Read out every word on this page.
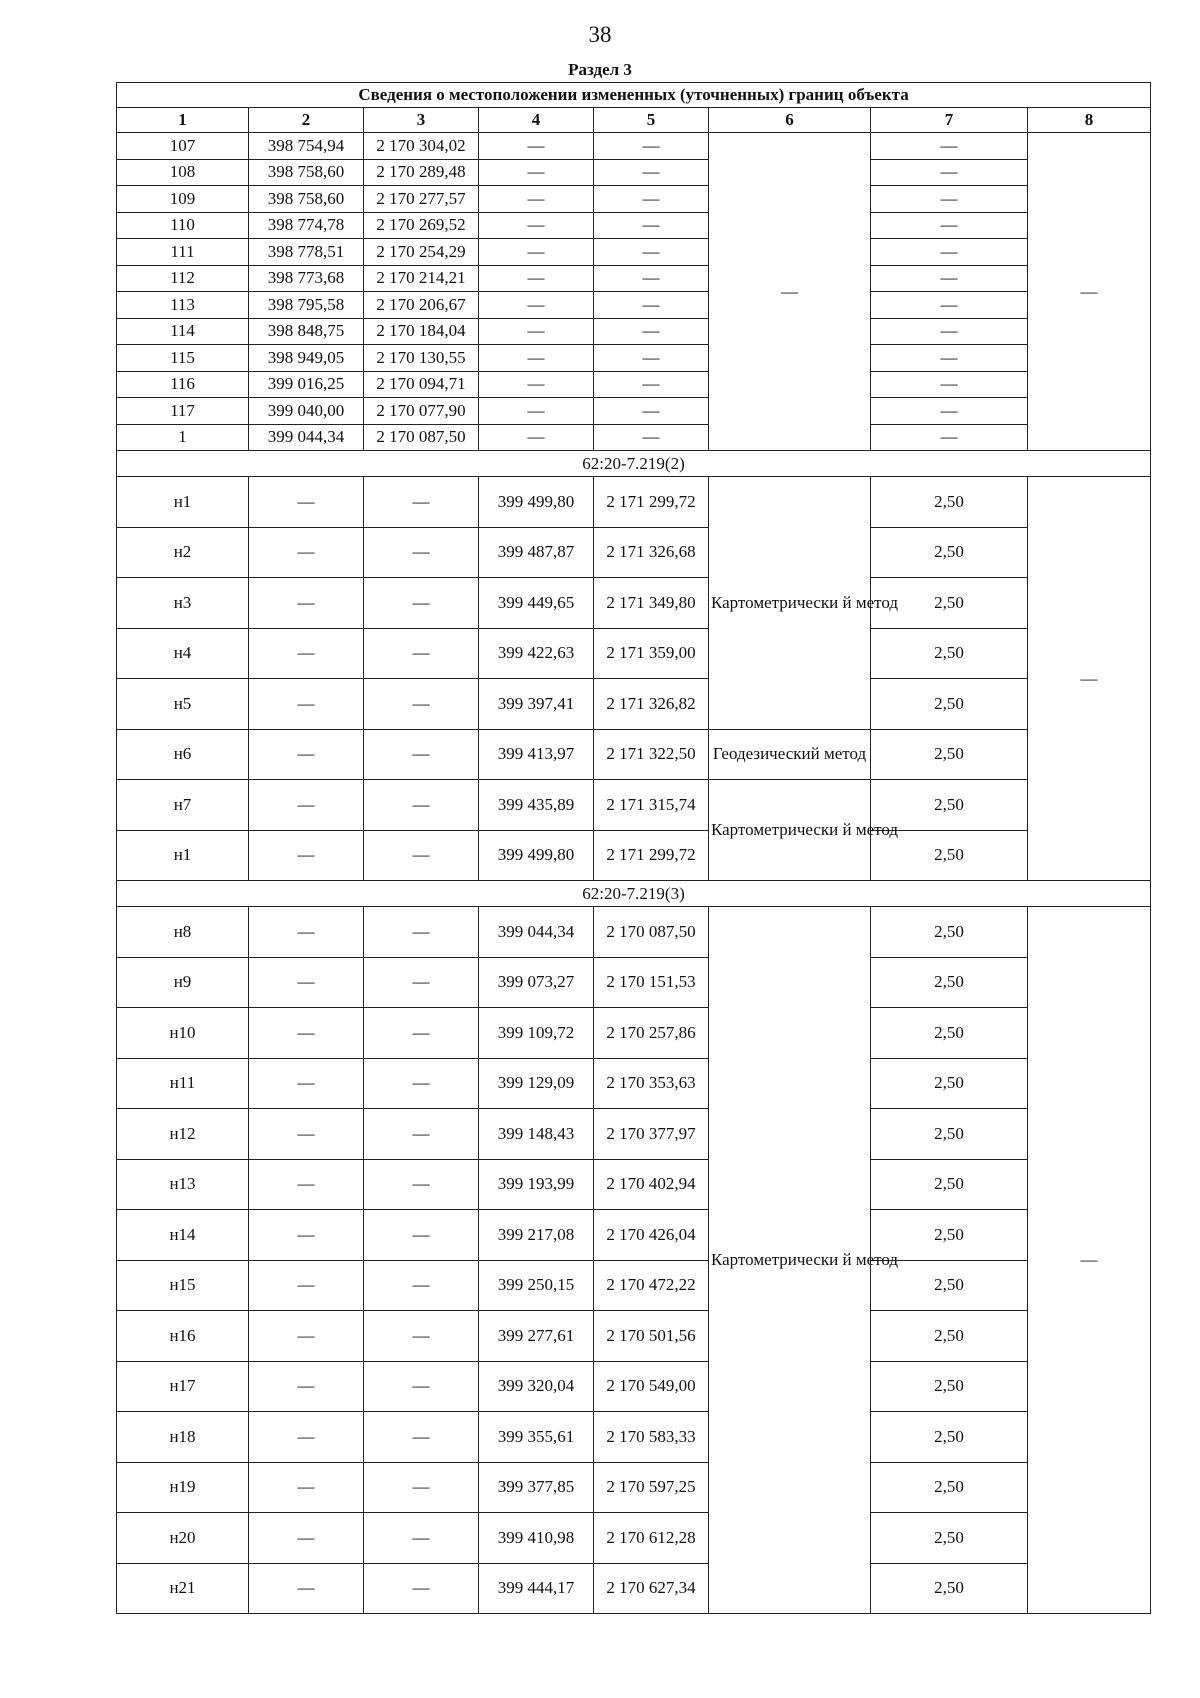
38
Раздел 3
Сведения о местоположении измененных (уточненных) границ объекта							
1	2	3	4	5	6	7	8
107	398 754,94	2 170 304,02	—	—	—	—	—
108	398 758,60	2 170 289,48	—	—		—	
109	398 758,60	2 170 277,57	—	—		—	
110	398 774,78	2 170 269,52	—	—		—	
111	398 778,51	2 170 254,29	—	—		—	
112	398 773,68	2 170 214,21	—	—		—	
113	398 795,58	2 170 206,67	—	—		—	
114	398 848,75	2 170 184,04	—	—		—	
115	398 949,05	2 170 130,55	—	—		—	
116	399 016,25	2 170 094,71	—	—		—	
117	399 040,00	2 170 077,90	—	—		—	
1	399 044,34	2 170 087,50	—	—		—	
62:20-7.219(2)							
н1	—	—	399 499,80	2 171 299,72	Картометрически й метод	2,50	—
н2	—	—	399 487,87	2 171 326,68		2,50	
н3	—	—	399 449,65	2 171 349,80		2,50	
н4	—	—	399 422,63	2 171 359,00		2,50	
н5	—	—	399 397,41	2 171 326,82		2,50	
н6	—	—	399 413,97	2 171 322,50	Геодезический метод	2,50	
н7	—	—	399 435,89	2 171 315,74	Картометрически й метод	2,50	
н1	—	—	399 499,80	2 171 299,72		2,50	
62:20-7.219(3)							
н8	—	—	399 044,34	2 170 087,50	Картометрически й метод	2,50	—
н9	—	—	399 073,27	2 170 151,53		2,50	
н10	—	—	399 109,72	2 170 257,86		2,50	
н11	—	—	399 129,09	2 170 353,63		2,50	
н12	—	—	399 148,43	2 170 377,97		2,50	
н13	—	—	399 193,99	2 170 402,94		2,50	
н14	—	—	399 217,08	2 170 426,04		2,50	
н15	—	—	399 250,15	2 170 472,22		2,50	
н16	—	—	399 277,61	2 170 501,56		2,50	
н17	—	—	399 320,04	2 170 549,00		2,50	
н18	—	—	399 355,61	2 170 583,33		2,50	
н19	—	—	399 377,85	2 170 597,25		2,50	
н20	—	—	399 410,98	2 170 612,28		2,50	
н21	—	—	399 444,17	2 170 627,34		2,50	
